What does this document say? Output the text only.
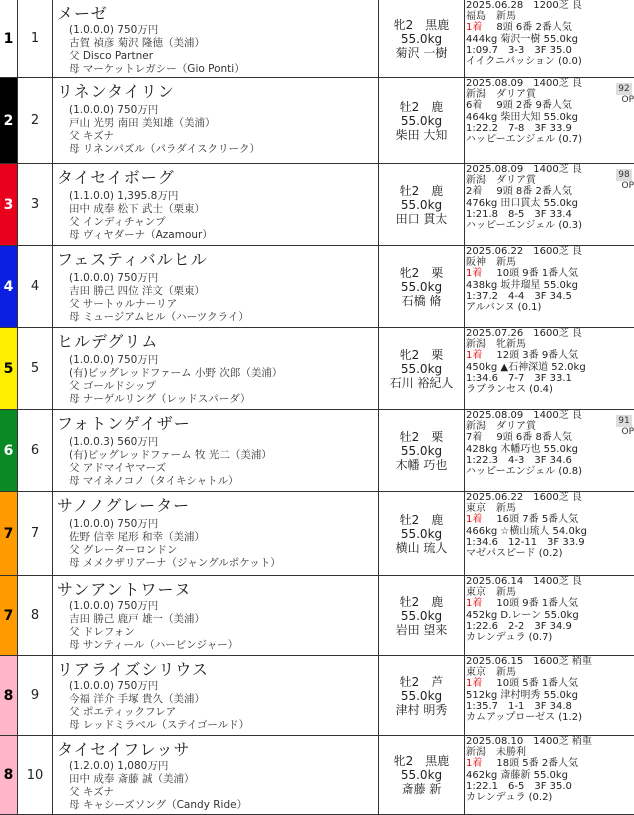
1	1
メーゼ
(1.0.0.0) 750万円
古賀 禎彦 菊沢 隆徳（美浦）
父 Disco Partner
母 マーケットレガシー（Gio Ponti）
牝2　黒鹿
55.0kg
菊沢 一樹
2025.06.28　1200芝 良
福島　新馬
1着 8頭 6番 2番人気
444kg 菊沢一樹 55.0kg
1:09.7　3-3　3F 35.0
イイクニパッション (0.0)
2	2
リネンタイリン
(1.0.0.0) 750万円
戸山 光男 南田 美知雄（美浦）
父 キズナ
母 リネンパズル（パラダイスクリーク）
牡2　鹿
55.0kg
柴田 大知
2025.08.09　1400芝 良
新潟　ダリア賞
6着 9頭 2番 9番人気
464kg 柴田大知 55.0kg
1:22.2　7-8　3F 33.9
ハッピーエンジェル (0.7)
92
OP
3	3
タイセイボーグ
(1.1.0.0) 1,395.8万円
田中 成奉 松下 武士（栗東）
父 インディチャンプ
母 ヴィヤダーナ（Azamour）
牡2　鹿
55.0kg
田口 貫太
2025.08.09　1400芝 良
新潟　ダリア賞
2着 9頭 8番 2番人気
476kg 田口貫太 55.0kg
1:21.8　8-5　3F 33.4
ハッピーエンジェル (0.3)
98
OP
4	4
フェスティバルヒル
(1.0.0.0) 750万円
吉田 勝己 四位 洋文（栗東）
父 サートゥルナーリア
母 ミュージアムヒル（ハーツクライ）
牝2　栗
55.0kg
石橋 脩
2025.06.22　1600芝 良
阪神　新馬
1着 10頭 9番 1番人気
438kg 坂井瑠星 55.0kg
1:37.2　4-4　3F 34.5
アルバンヌ (0.1)
5	5
ヒルデグリム
(1.0.0.0) 750万円
(有)ビッグレッドファーム 小野 次郎（美浦）
父 ゴールドシップ
母 ナーゲルリング（レッドスパーダ）
牝2　栗
55.0kg
石川 裕紀人
2025.07.26　1600芝 良
新潟　牝新馬
1着 12頭 3番 9番人気
450kg ▲石神深道 52.0kg
1:34.6　7-7　3F 33.1
ラブランセス (0.4)
6	6
フォトンゲイザー
(1.0.0.3) 560万円
(有)ビッグレッドファーム 牧 光二（美浦）
父 アドマイヤマーズ
母 マイネノコノ（タイキシャトル）
牡2　栗
55.0kg
木幡 巧也
2025.08.09　1400芝 良
新潟　ダリア賞
7着 9頭 6番 8番人気
428kg 木幡巧也 55.0kg
1:22.3　4-3　3F 34.6
ハッピーエンジェル (0.8)
91
OP
7	7
サノノグレーター
(1.0.0.0) 750万円
佐野 信幸 尾形 和幸（美浦）
父 グレーターロンドン
母 メメクザリアーナ（ジャングルポケット）
牡2　鹿
55.0kg
横山 琉人
2025.06.22　1600芝 良
東京　新馬
1着 16頭 7番 5番人気
466kg ☆横山琉人 54.0kg
1:34.6　12-11　3F 33.9
マゼパスピード (0.2)
7	8
サンアントワーヌ
(1.0.0.0) 750万円
吉田 勝己 鹿戸 雄一（美浦）
父 ドレフォン
母 サンティール（ハービンジャー）
牡2　鹿
55.0kg
岩田 望来
2025.06.14　1400芝 良
東京　新馬
1着 10頭 9番 1番人気
452kg D.レーン 55.0kg
1:22.6　2-2　3F 34.9
カレンデュラ (0.7)
8	9
リアライズシリウス
(1.0.0.0) 750万円
今福 洋介 手塚 貴久（美浦）
父 ポエティックフレア
母 レッドミラベル（ステイゴールド）
牡2　芦
55.0kg
津村 明秀
2025.06.15　1600芝 稍重
東京　新馬
1着 10頭 5番 1番人気
512kg 津村明秀 55.0kg
1:35.7　1-1　3F 34.8
カムアップローゼス (1.2)
8	10
タイセイフレッサ
(1.2.0.0) 1,080万円
田中 成奉 斎藤 誠（美浦）
父 キズナ
母 キャシーズソング（Candy Ride）
牝2　黒鹿
55.0kg
斎藤 新
2025.08.10　1400芝 稍重
新潟　未勝利
1着 18頭 5番 2番人気
462kg 斎藤新 55.0kg
1:22.1　6-5　3F 35.0
カレンデュラ (0.2)
